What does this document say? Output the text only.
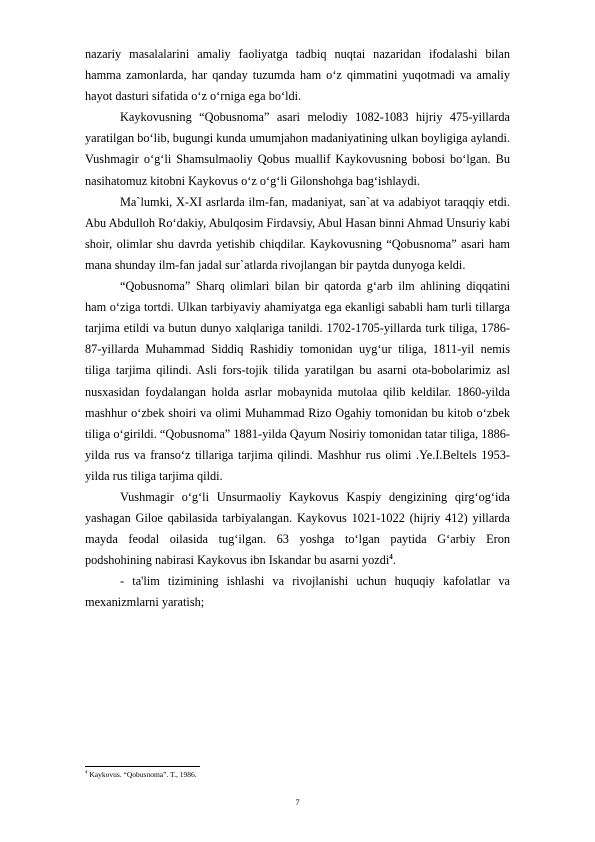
nazariy masalalarini amaliy faoliyatga tadbiq nuqtai nazaridan ifodalashi bilan hamma zamonlarda, har qanday tuzumda ham o‘z qimmatini yuqotmadi va amaliy hayot dasturi sifatida o‘z o‘rniga ega bo‘ldi.

Kaykovusning “Qobusnoma” asari melodiy 1082-1083 hijriy 475-yillarda yaratilgan bo‘lib, bugungi kunda umumjahon madaniyatining ulkan boyligiga aylandi. Vushmagir o‘g‘li Shamsulmaoliy Qobus muallif Kaykovusning bobosi bo‘lgan. Bu nasihatomuz kitobni Kaykovus o‘z o‘g‘li Gilonshohga bag‘ishlaydi.

Ma`lumki, X-XI asrlarda ilm-fan, madaniyat, san`at va adabiyot taraqqiy etdi. Abu Abdulloh Ro‘dakiy, Abulqosim Firdavsiy, Abul Hasan binni Ahmad Unsuriy kabi shoir, olimlar shu davrda yetishib chiqdilar. Kaykovusning “Qobusnoma” asari ham mana shunday ilm-fan jadal sur`atlarda rivojlangan bir paytda dunyoga keldi.

“Qobusnoma” Sharq olimlari bilan bir qatorda g‘arb ilm ahlining diqqatini ham o‘ziga tortdi. Ulkan tarbiyaviy ahamiyatga ega ekanligi sababli ham turli tillarga tarjima etildi va butun dunyo xalqlariga tanildi. 1702-1705-yillarda turk tiliga, 1786-87-yillarda Muhammad Siddiq Rashidiy tomonidan uyg‘ur tiliga, 1811-yil nemis tiliga tarjima qilindi. Asli fors-tojik tilida yaratilgan bu asarni ota-bobolarimiz asl nusxasidan foydalangan holda asrlar mobaynida mutolaa qilib keldilar. 1860-yilda mashhur o‘zbek shoiri va olimi Muhammad Rizo Ogahiy tomonidan bu kitob o‘zbek tiliga o‘girildi. “Qobusnoma” 1881-yilda Qayum Nosiriy tomonidan tatar tiliga, 1886-yilda rus va franso‘z tillariga tarjima qilindi. Mashhur rus olimi .Ye.I.Beltels 1953-yilda rus tiliga tarjima qildi.

Vushmagir o‘g‘li Unsurmaoliy Kaykovus Kaspiy dengizining qirg‘og‘ida yashagan Giloe qabilasida tarbiyalangan. Kaykovus 1021-1022 (hijriy 412) yillarda mayda feodal oilasida tug‘ilgan. 63 yoshga to‘lgan paytida G‘arbiy Eron podshohining nabirasi Kaykovus ibn Iskandar bu asarni yozdi$^4$.

- ta'lim tizimining ishlashi va rivojlanishi uchun huquqiy kafolatlar va mexanizmlarni yaratish;

$^4$ Kaykovus. “Qobusnoma”. T., 1986.
7
